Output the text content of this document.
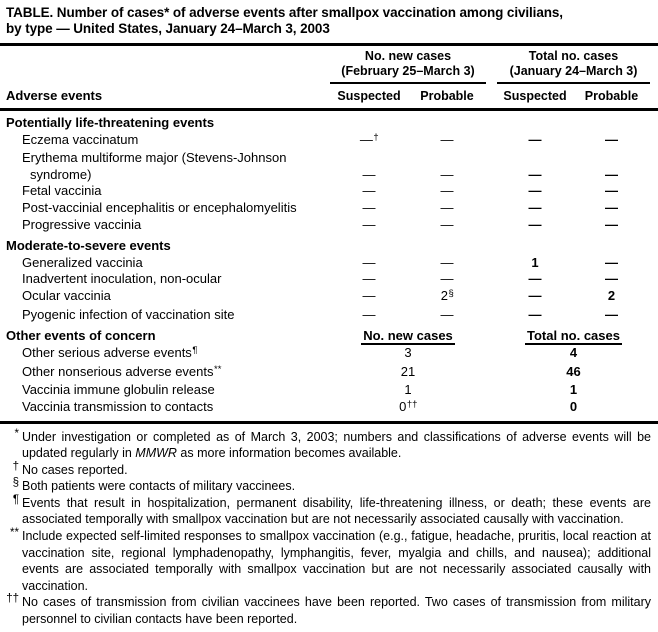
TABLE. Number of cases* of adverse events after smallpox vaccination among civilians,
by type — United States, January 24–March 3, 2003
No. new cases
(February 25–March 3)
Total no. cases
(January 24–March 3)
Adverse events	Suspected	Probable	Suspected	Probable
Potentially life-threatening events
Eczema vaccinatum	—†	—	—	—
Erythema multiforme major (Stevens-Johnson
syndrome)	—	—	—	—
Fetal vaccinia	—	—	—	—
Post-vaccinial encephalitis or encephalomyelitis	—	—	—	—
Progressive vaccinia	—	—	—	—
Moderate-to-severe events
Generalized vaccinia	—	—	1	—
Inadvertent inoculation, non-ocular	—	—	—	—
Ocular vaccinia	—	2§	—	2
Pyogenic infection of vaccination site	—	—	—	—
Other events of concern	No. new cases	Total no. cases
Other serious adverse events¶	3	4
Other nonserious adverse events**	21	46
Vaccinia immune globulin release	1	1
Vaccinia transmission to contacts	0††	0
* Under investigation or completed as of March 3, 2003; numbers and classifications of adverse events will be updated regularly in MMWR as more information becomes available.
† No cases reported.
§ Both patients were contacts of military vaccinees.
¶ Events that result in hospitalization, permanent disability, life-threatening illness, or death; these events are associated temporally with smallpox vaccination but are not necessarily associated causally with vaccination.
** Include expected self-limited responses to smallpox vaccination (e.g., fatigue, headache, pruritis, local reaction at vaccination site, regional lymphadenopathy, lymphangitis, fever, myalgia and chills, and nausea); additional events are associated temporally with smallpox vaccination but are not necessarily associated causally with vaccination.
†† No cases of transmission from civilian vaccinees have been reported. Two cases of transmission from military personnel to civilian contacts have been reported.
